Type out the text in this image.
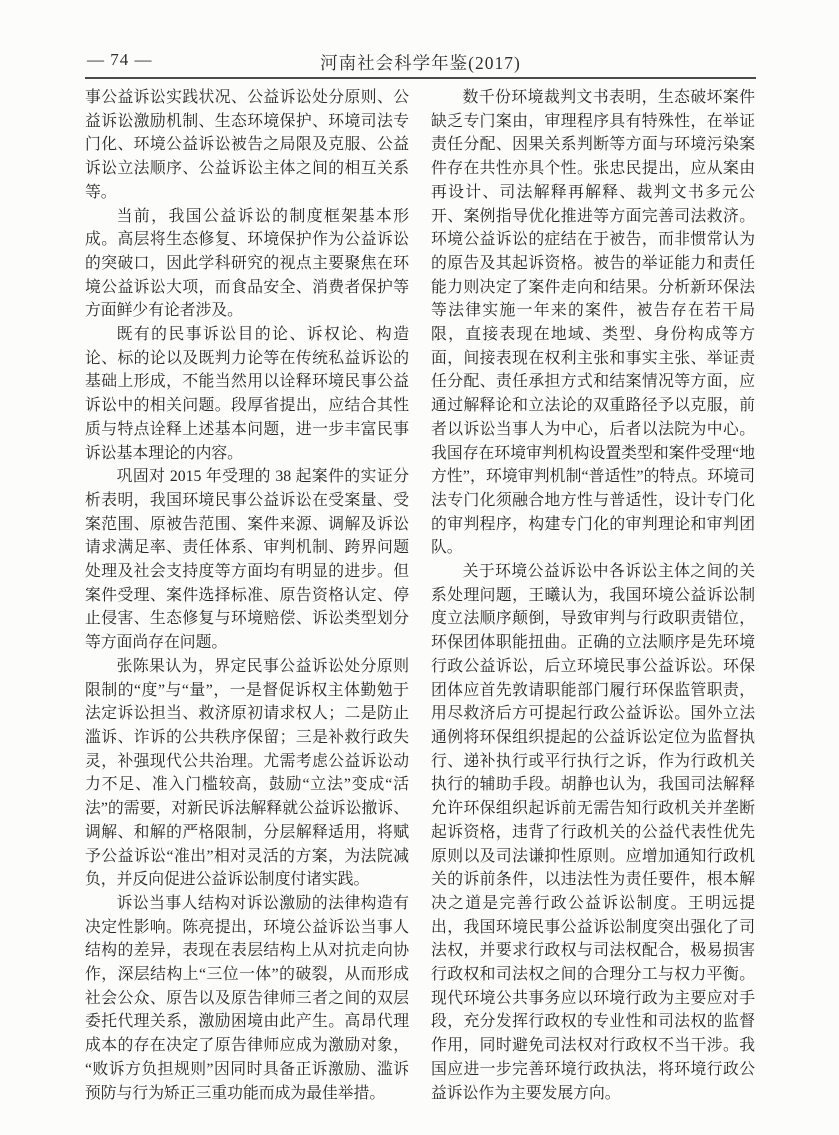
— 74 —	河南社会科学年鉴(2017)

事公益诉讼实践状况、公益诉讼处分原则、公益诉讼激励机制、生态环境保护、环境司法专门化、环境公益诉讼被告之局限及克服、公益诉讼立法顺序、公益诉讼主体之间的相互关系等。

当前，我国公益诉讼的制度框架基本形成。高层将生态修复、环境保护作为公益诉讼的突破口，因此学科研究的视点主要聚焦在环境公益诉讼大项，而食品安全、消费者保护等方面鲜少有论者涉及。

既有的民事诉讼目的论、诉权论、构造论、标的论以及既判力论等在传统私益诉讼的基础上形成，不能当然用以诠释环境民事公益诉讼中的相关问题。段厚省提出，应结合其性质与特点诠释上述基本问题，进一步丰富民事诉讼基本理论的内容。

巩固对 2015 年受理的 38 起案件的实证分析表明，我国环境民事公益诉讼在受案量、受案范围、原被告范围、案件来源、调解及诉讼请求满足率、责任体系、审判机制、跨界问题处理及社会支持度等方面均有明显的进步。但案件受理、案件选择标准、原告资格认定、停止侵害、生态修复与环境赔偿、诉讼类型划分等方面尚存在问题。

张陈果认为，界定民事公益诉讼处分原则限制的“度”与“量”，一是督促诉权主体勤勉于法定诉讼担当、救济原初请求权人；二是防止滥诉、诈诉的公共秩序保留；三是补救行政失灵，补强现代公共治理。尤需考虑公益诉讼动力不足、准入门槛较高，鼓励“立法”变成“活法”的需要，对新民诉法解释就公益诉讼撤诉、调解、和解的严格限制，分层解释适用，将赋予公益诉讼“准出”相对灵活的方案，为法院减负，并反向促进公益诉讼制度付诸实践。

诉讼当事人结构对诉讼激励的法律构造有决定性影响。陈亮提出，环境公益诉讼当事人结构的差异，表现在表层结构上从对抗走向协作，深层结构上“三位一体”的破裂，从而形成社会公众、原告以及原告律师三者之间的双层委托代理关系，激励困境由此产生。高昂代理成本的存在决定了原告律师应成为激励对象，“败诉方负担规则”因同时具备正诉激励、滥诉预防与行为矫正三重功能而成为最佳举措。

数千份环境裁判文书表明，生态破坏案件缺乏专门案由，审理程序具有特殊性，在举证责任分配、因果关系判断等方面与环境污染案件存在共性亦具个性。张忠民提出，应从案由再设计、司法解释再解释、裁判文书多元公开、案例指导优化推进等方面完善司法救济。环境公益诉讼的症结在于被告，而非惯常认为的原告及其起诉资格。被告的举证能力和责任能力则决定了案件走向和结果。分析新环保法等法律实施一年来的案件，被告存在若干局限，直接表现在地域、类型、身份构成等方面，间接表现在权利主张和事实主张、举证责任分配、责任承担方式和结案情况等方面，应通过解释论和立法论的双重路径予以克服，前者以诉讼当事人为中心，后者以法院为中心。我国存在环境审判机构设置类型和案件受理“地方性”，环境审判机制“普适性”的特点。环境司法专门化须融合地方性与普适性，设计专门化的审判程序，构建专门化的审判理论和审判团队。

关于环境公益诉讼中各诉讼主体之间的关系处理问题，王曦认为，我国环境公益诉讼制度立法顺序颠倒，导致审判与行政职责错位，环保团体职能扭曲。正确的立法顺序是先环境行政公益诉讼，后立环境民事公益诉讼。环保团体应首先敦请职能部门履行环保监管职责，用尽救济后方可提起行政公益诉讼。国外立法通例将环保组织提起的公益诉讼定位为监督执行、递补执行或平行执行之诉，作为行政机关执行的辅助手段。胡静也认为，我国司法解释允许环保组织起诉前无需告知行政机关并垄断起诉资格，违背了行政机关的公益代表性优先原则以及司法谦抑性原则。应增加通知行政机关的诉前条件，以违法性为责任要件，根本解决之道是完善行政公益诉讼制度。王明远提出，我国环境民事公益诉讼制度突出强化了司法权，并要求行政权与司法权配合，极易损害行政权和司法权之间的合理分工与权力平衡。现代环境公共事务应以环境行政为主要应对手段，充分发挥行政权的专业性和司法权的监督作用，同时避免司法权对行政权不当干涉。我国应进一步完善环境行政执法，将环境行政公益诉讼作为主要发展方向。
